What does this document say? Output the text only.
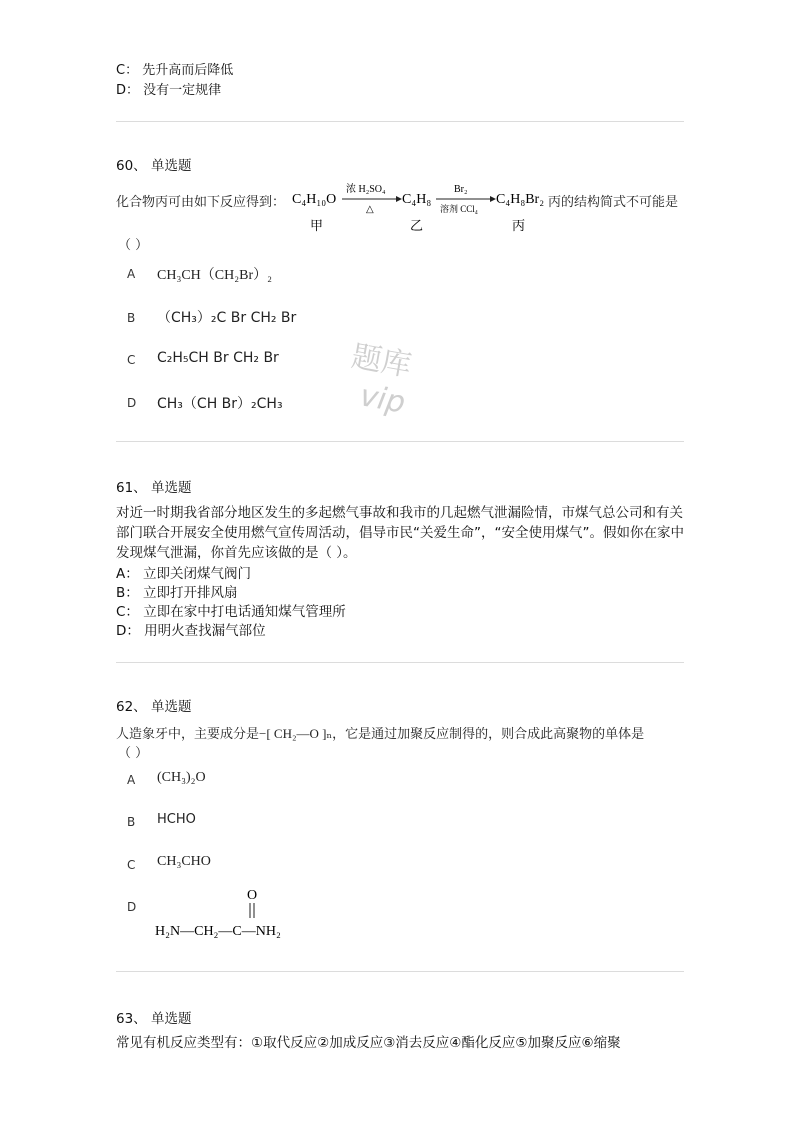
C： 先升高而后降低
D： 没有一定规律
60、 单选题
化合物丙可由如下反应得到： C₄H₁₀O
浓 H₂SO₄
△
C₄H₈
Br₂
溶剂 CCl₄
C₄H₈Br₂
甲	乙	丙
丙的结构简式不可能是
（ ）
A CH₃CH（CH₂Br）₂
B （CH₃）₂C Br CH₂ Br
C C₂H₅CH Br CH₂ Br
D CH₃（CH Br）₂CH₃
题库
vip
61、 单选题
对近一时期我省部分地区发生的多起燃气事故和我市的几起燃气泄漏险情，市煤气总公司和有关部门联合开展安全使用燃气宣传周活动，倡导市民“关爱生命”，“安全使用煤气”。假如你在家中发现煤气泄漏，你首先应该做的是（ ）。
A： 立即关闭煤气阀门
B： 立即打开排风扇
C： 立即在家中打电话通知煤气管理所
D： 用明火查找漏气部位
62、 单选题
人造象牙中，主要成分是−[ CH₂—O ]ₙ，它是通过加聚反应制得的，则合成此高聚物的单体是
（ ）
A (CH₃)₂O
B HCHO
C CH₃CHO
D
O
H₂N—CH₂—C—NH₂
63、 单选题
常见有机反应类型有：①取代反应②加成反应③消去反应④酯化反应⑤加聚反应⑥缩聚
